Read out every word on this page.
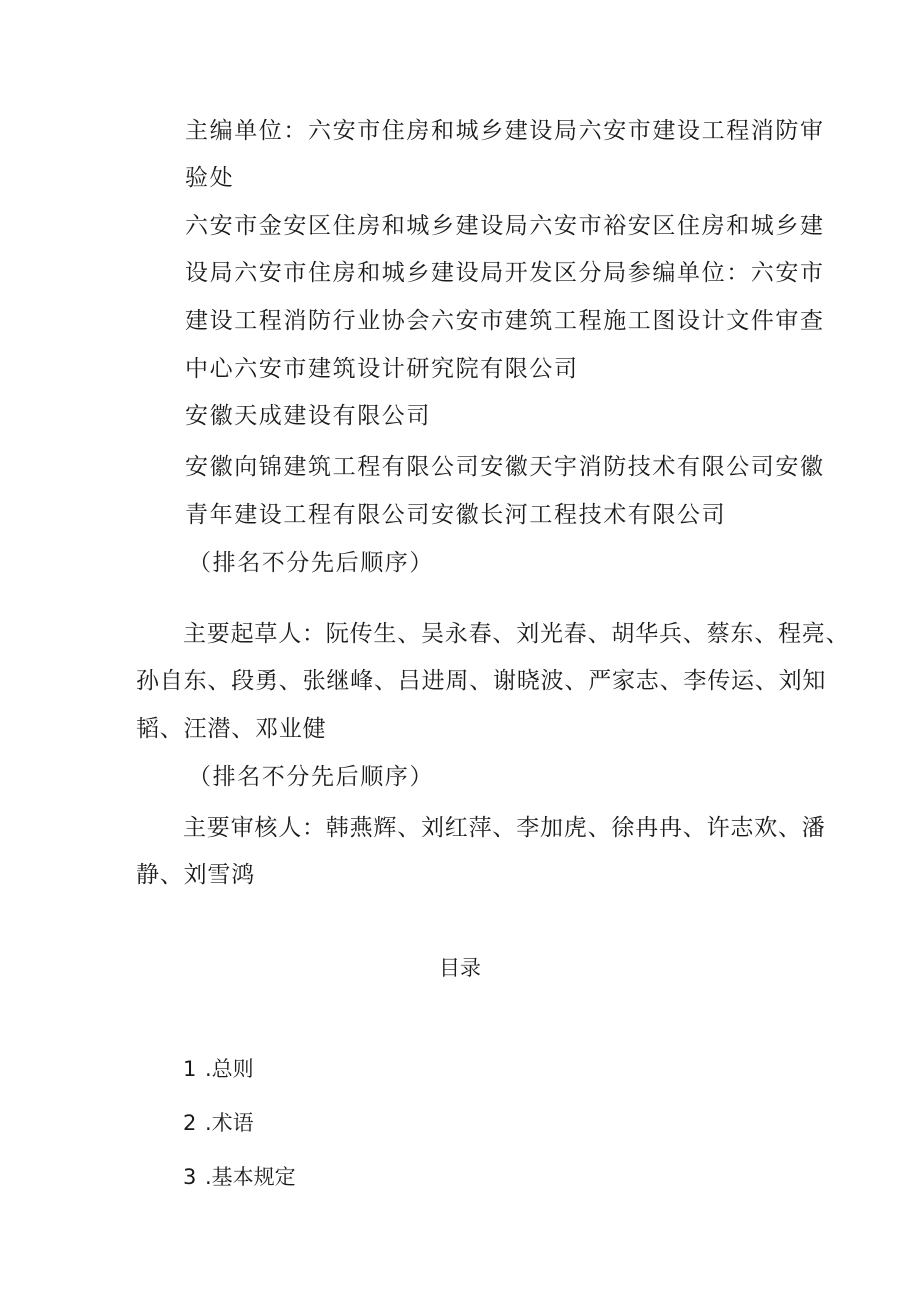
主编单位：六安市住房和城乡建设局六安市建设工程消防审
验处
六安市金安区住房和城乡建设局六安市裕安区住房和城乡建
设局六安市住房和城乡建设局开发区分局参编单位：六安市
建设工程消防行业协会六安市建筑工程施工图设计文件审查
中心六安市建筑设计研究院有限公司
安徽天成建设有限公司
安徽向锦建筑工程有限公司安徽天宇消防技术有限公司安徽
青年建设工程有限公司安徽长河工程技术有限公司
（排名不分先后顺序）
主要起草人：阮传生、吴永春、刘光春、胡华兵、蔡东、程亮、
孙自东、段勇、张继峰、吕进周、谢晓波、严家志、李传运、刘知
韬、汪潜、邓业健
（排名不分先后顺序）
主要审核人：韩燕辉、刘红萍、李加虎、徐冉冉、许志欢、潘
静、刘雪鸿
目录
1 .总则
2 .术语
3 .基本规定
